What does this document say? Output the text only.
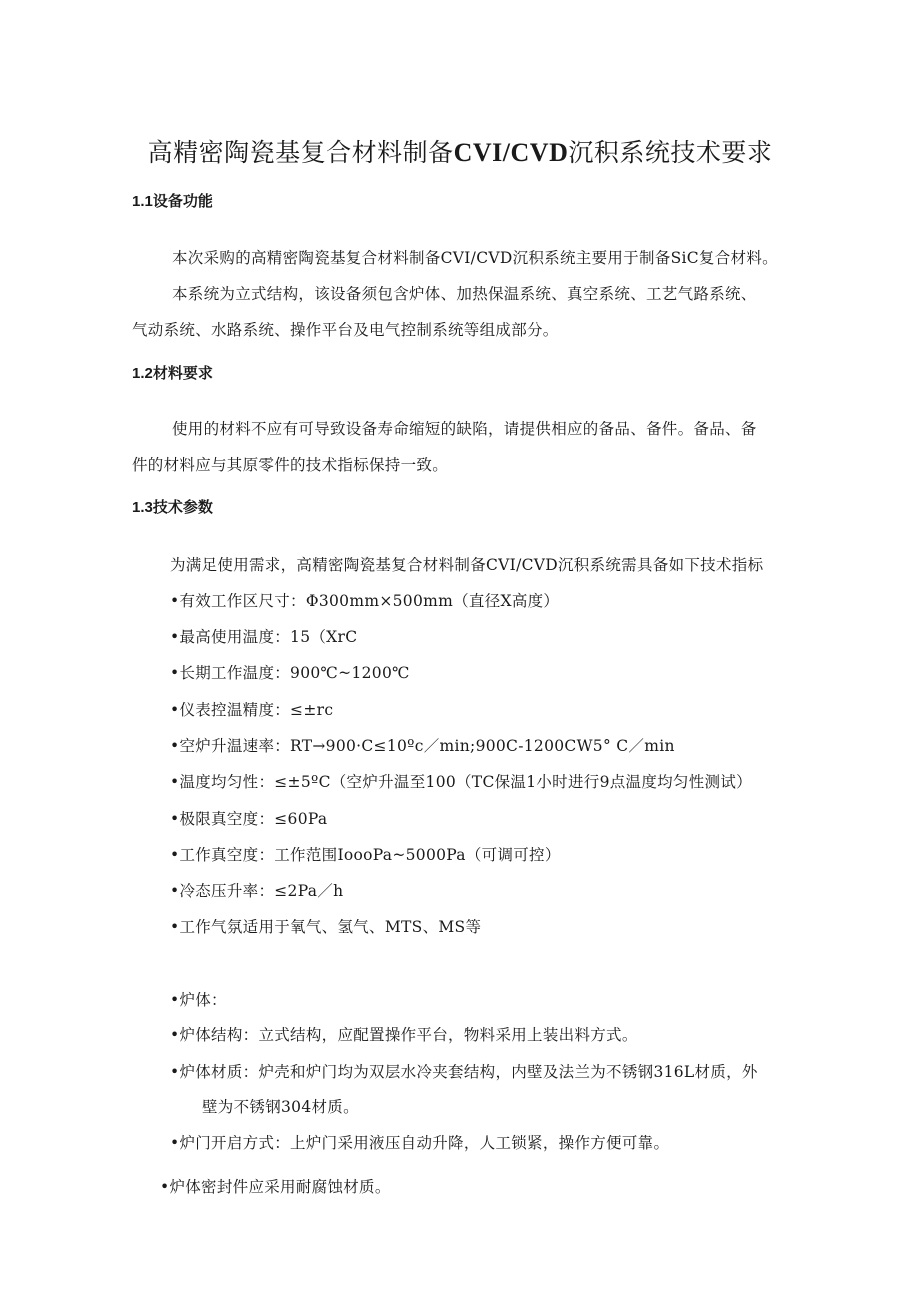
高精密陶瓷基复合材料制备CVI/CVD沉积系统技术要求
1.1设备功能
本次采购的高精密陶瓷基复合材料制备CVI/CVD沉积系统主要用于制备SiC复合材料。
本系统为立式结构，该设备须包含炉体、加热保温系统、真空系统、工艺气路系统、
气动系统、水路系统、操作平台及电气控制系统等组成部分。
1.2材料要求
使用的材料不应有可导致设备寿命缩短的缺陷，请提供相应的备品、备件。备品、备
件的材料应与其原零件的技术指标保持一致。
1.3技术参数
为满足使用需求，高精密陶瓷基复合材料制备CVI/CVD沉积系统需具备如下技术指标
•有效工作区尺寸：Φ300mm×500mm（直径X高度）
•最高使用温度：15（XrC
•长期工作温度：900℃~1200℃
•仪表控温精度：≤±rc
•空炉升温速率：RT→900·C≤10ºc／min;900C-1200CW5° C／min
•温度均匀性：≤±5ºC（空炉升温至100（TC保温1小时进行9点温度均匀性测试）
•极限真空度：≤60Pa
•工作真空度：工作范围IoooPa~5000Pa（可调可控）
•冷态压升率：≤2Pa／h
•工作气氛适用于氧气、氢气、MTS、MS等
•炉体：
•炉体结构：立式结构，应配置操作平台，物料采用上装出料方式。
•炉体材质：炉壳和炉门均为双层水冷夹套结构，内壁及法兰为不锈钢316L材质，外
壁为不锈钢304材质。
•炉门开启方式：上炉门采用液压自动升降，人工锁紧，操作方便可靠。
•炉体密封件应采用耐腐蚀材质。
